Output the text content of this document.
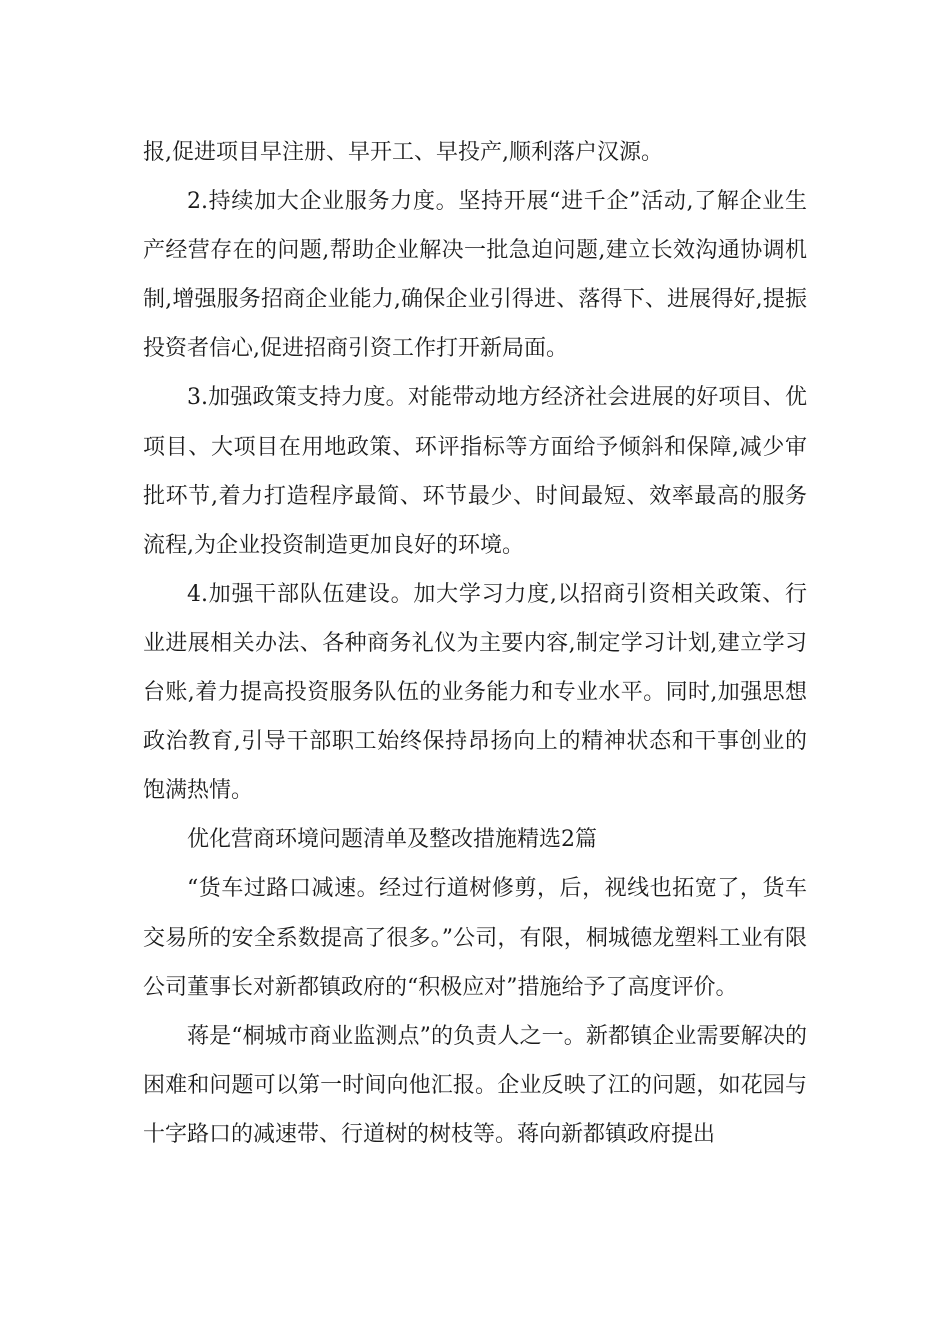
报,促进项目早注册、早开工、早投产,顺利落户汉源。

2.持续加大企业服务力度。坚持开展“进千企”活动,了解企业生产经营存在的问题,帮助企业解决一批急迫问题,建立长效沟通协调机制,增强服务招商企业能力,确保企业引得进、落得下、进展得好,提振投资者信心,促进招商引资工作打开新局面。

3.加强政策支持力度。对能带动地方经济社会进展的好项目、优项目、大项目在用地政策、环评指标等方面给予倾斜和保障,减少审批环节,着力打造程序最简、环节最少、时间最短、效率最高的服务流程,为企业投资制造更加良好的环境。

4.加强干部队伍建设。加大学习力度,以招商引资相关政策、行业进展相关办法、各种商务礼仪为主要内容,制定学习计划,建立学习台账,着力提高投资服务队伍的业务能力和专业水平。同时,加强思想政治教育,引导干部职工始终保持昂扬向上的精神状态和干事创业的饱满热情。

优化营商环境问题清单及整改措施精选2篇

“货车过路口减速。经过行道树修剪，后，视线也拓宽了，货车交易所的安全系数提高了很多。”公司，有限，桐城德龙塑料工业有限公司董事长对新都镇政府的“积极应对”措施给予了高度评价。

蒋是“桐城市商业监测点”的负责人之一。新都镇企业需要解决的困难和问题可以第一时间向他汇报。企业反映了江的问题，如花园与十字路口的减速带、行道树的树枝等。蒋向新都镇政府提出
